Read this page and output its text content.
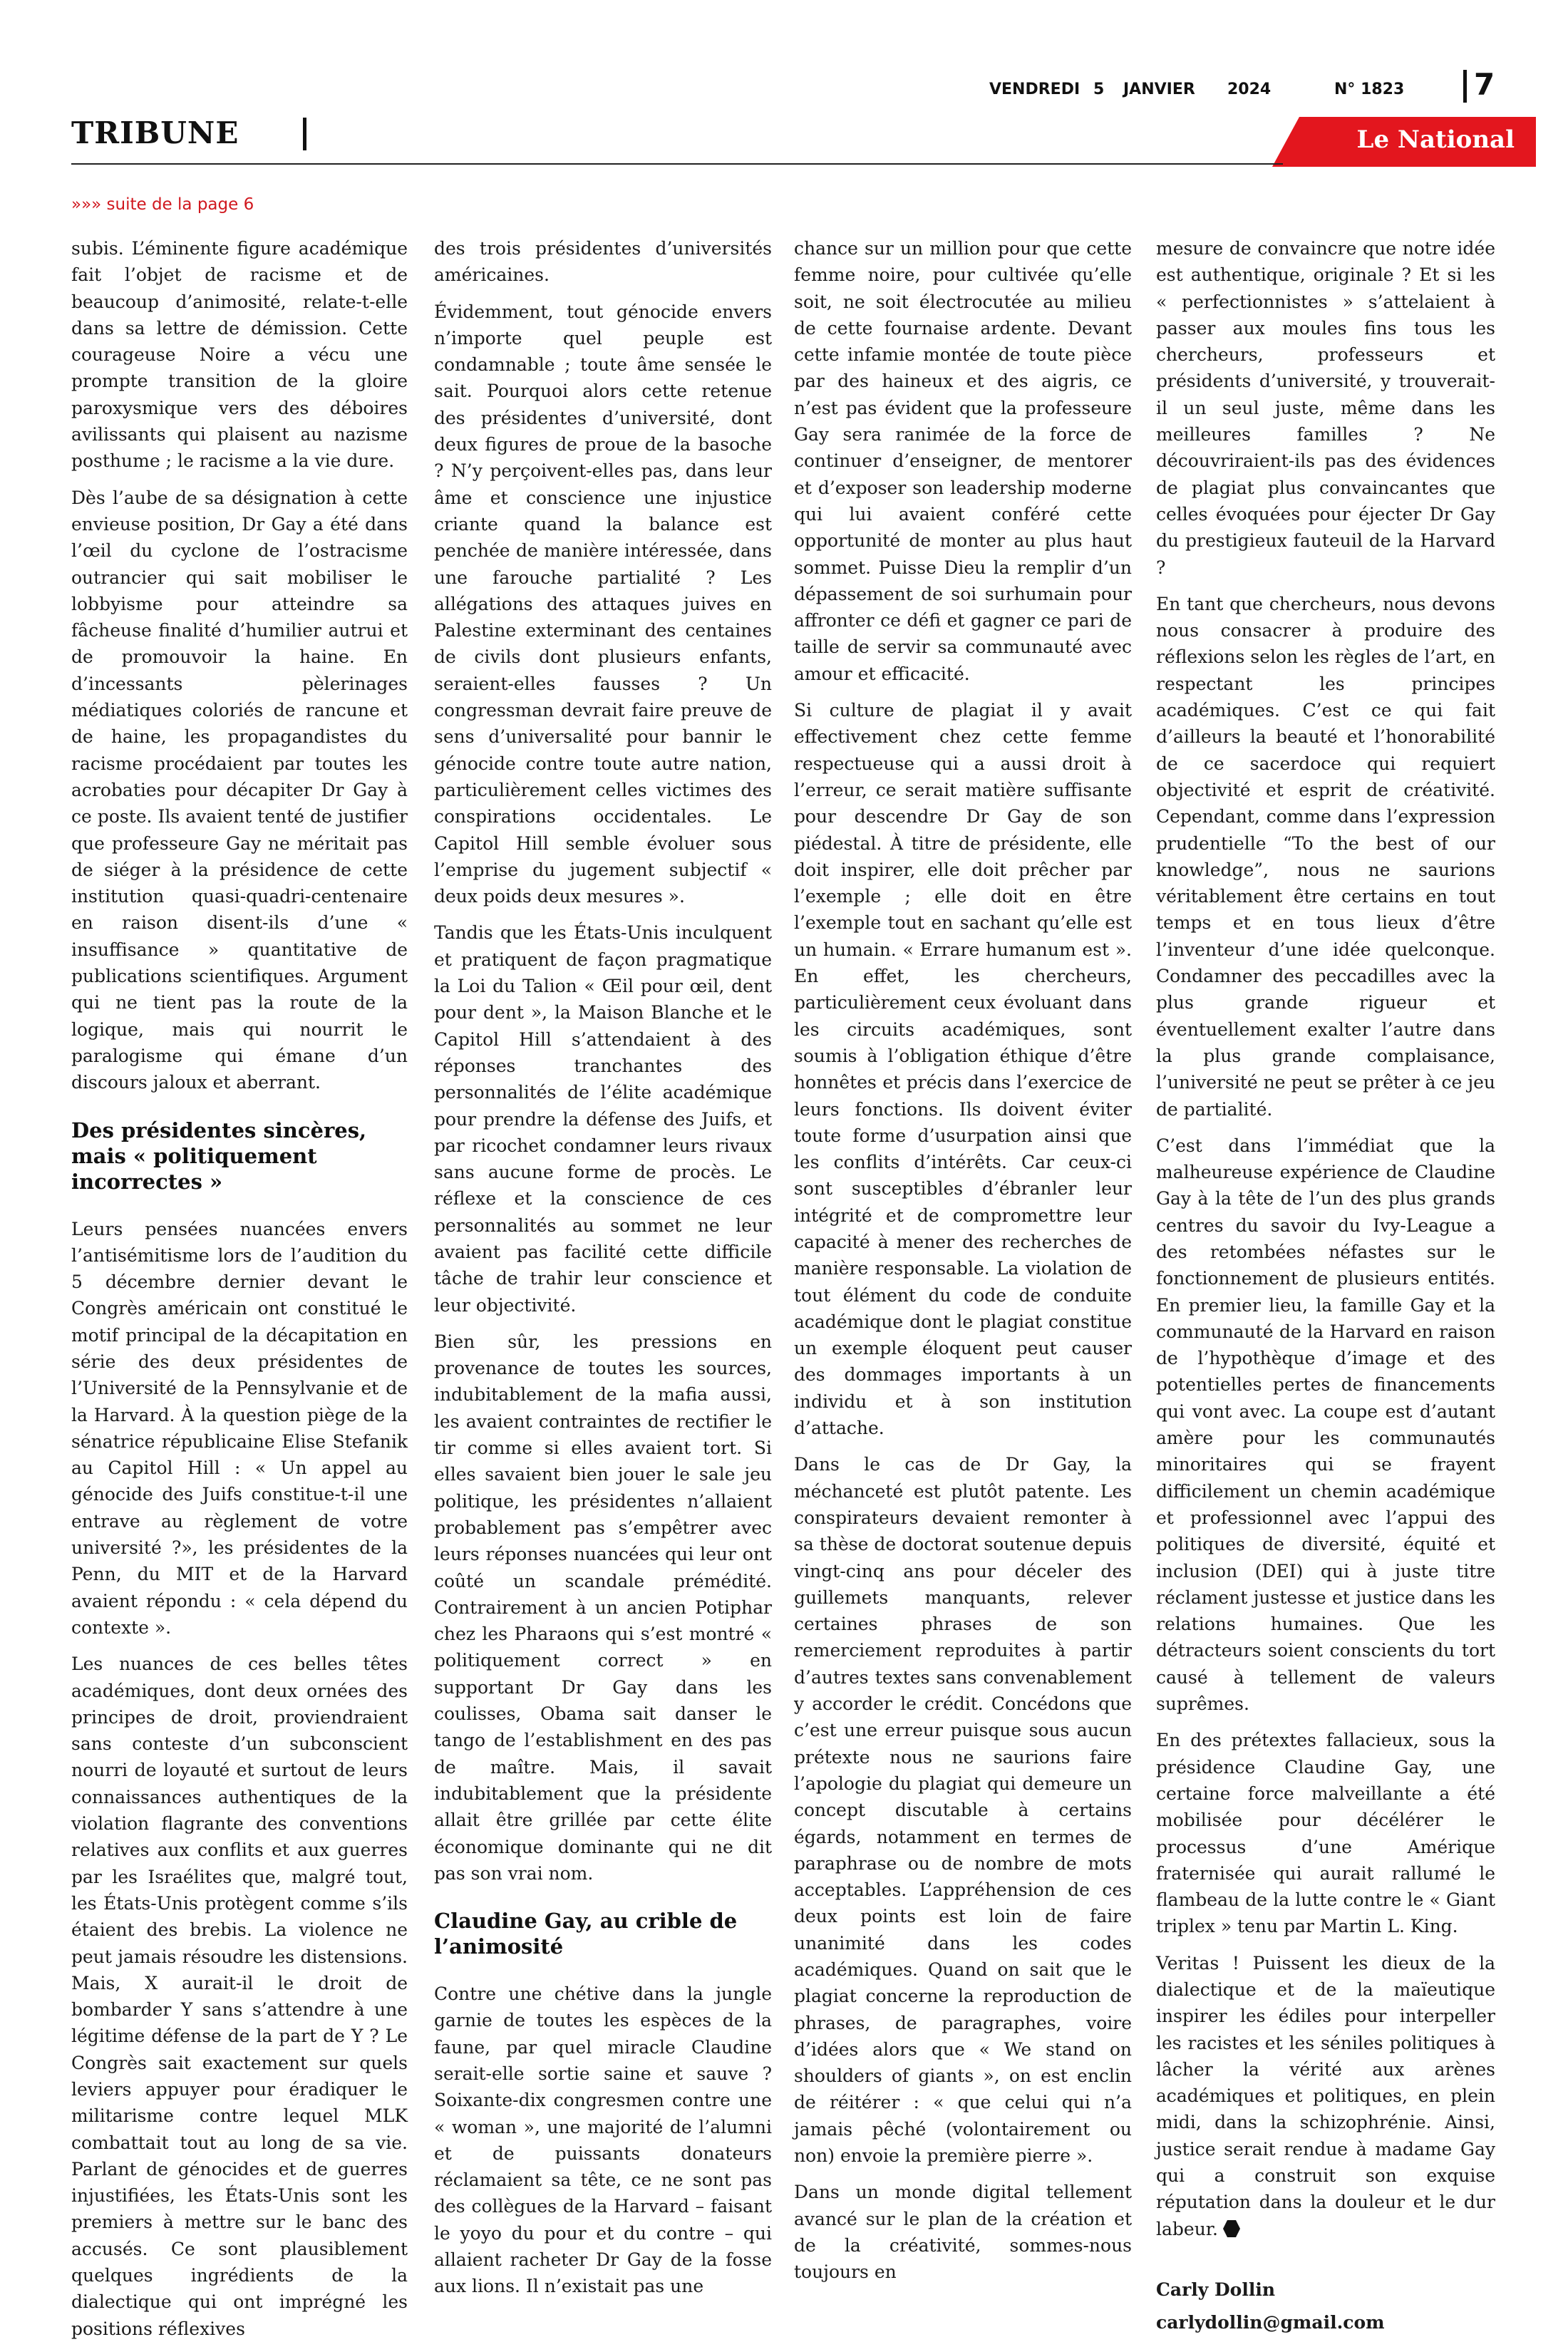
TRIBUNE
VENDREDI 5 JANVIER 2024	N° 1823 7
Le National
»»» suite de la page 6

subis. L’éminente figure académique fait l’objet de racisme et de beaucoup d’animosité, relate-t-elle dans sa lettre de démission. Cette courageuse Noire a vécu une prompte transition de la gloire paroxysmique vers des déboires avilissants qui plaisent au nazisme posthume ; le racisme a la vie dure.

Dès l’aube de sa désignation à cette envieuse position, Dr Gay a été dans l’œil du cyclone de l’ostracisme outrancier qui sait mobiliser le lobbyisme pour atteindre sa fâcheuse finalité d’humilier autrui et de promouvoir la haine. En d’incessants pèlerinages médiatiques coloriés de rancune et de haine, les propagandistes du racisme procédaient par toutes les acrobaties pour décapiter Dr Gay à ce poste. Ils avaient tenté de justifier que professeure Gay ne méritait pas de siéger à la présidence de cette institution quasi-quadri-centenaire en raison disent-ils d’une « insuffisance » quantitative de publications scientifiques. Argument qui ne tient pas la route de la logique, mais qui nourrit le paralogisme qui émane d’un discours jaloux et aberrant.

Des présidentes sincères, mais « politiquement incorrectes »

Leurs pensées nuancées envers l’antisémitisme lors de l’audition du 5 décembre dernier devant le Congrès américain ont constitué le motif principal de la décapitation en série des deux présidentes de l’Université de la Pennsylvanie et de la Harvard. À la question piège de la sénatrice républicaine Elise Stefanik au Capitol Hill : « Un appel au génocide des Juifs constitue-t-il une entrave au règlement de votre université ?», les présidentes de la Penn, du MIT et de la Harvard avaient répondu : « cela dépend du contexte ».

Les nuances de ces belles têtes académiques, dont deux ornées des principes de droit, proviendraient sans conteste d’un subconscient nourri de loyauté et surtout de leurs connaissances authentiques de la violation flagrante des conventions relatives aux conflits et aux guerres par les Israélites que, malgré tout, les États-Unis protègent comme s’ils étaient des brebis. La violence ne peut jamais résoudre les distensions. Mais, X aurait-il le droit de bombarder Y sans s’attendre à une légitime défense de la part de Y ? Le Congrès sait exactement sur quels leviers appuyer pour éradiquer le militarisme contre lequel MLK combattait tout au long de sa vie. Parlant de génocides et de guerres injustifiées, les États-Unis sont les premiers à mettre sur le banc des accusés. Ce sont plausiblement quelques ingrédients de la dialectique qui ont imprégné les positions réflexives

des trois présidentes d’universités américaines.

Évidemment, tout génocide envers n’importe quel peuple est condamnable ; toute âme sensée le sait. Pourquoi alors cette retenue des présidentes d’université, dont deux figures de proue de la basoche ? N’y perçoivent-elles pas, dans leur âme et conscience une injustice criante quand la balance est penchée de manière intéressée, dans une farouche partialité ? Les allégations des attaques juives en Palestine exterminant des centaines de civils dont plusieurs enfants, seraient-elles fausses ? Un congressman devrait faire preuve de sens d’universalité pour bannir le génocide contre toute autre nation, particulièrement celles victimes des conspirations occidentales. Le Capitol Hill semble évoluer sous l’emprise du jugement subjectif « deux poids deux mesures ».

Tandis que les États-Unis inculquent et pratiquent de façon pragmatique la Loi du Talion « Œil pour œil, dent pour dent », la Maison Blanche et le Capitol Hill s’attendaient à des réponses tranchantes des personnalités de l’élite académique pour prendre la défense des Juifs, et par ricochet condamner leurs rivaux sans aucune forme de procès. Le réflexe et la conscience de ces personnalités au sommet ne leur avaient pas facilité cette difficile tâche de trahir leur conscience et leur objectivité.

Bien sûr, les pressions en provenance de toutes les sources, indubitablement de la mafia aussi, les avaient contraintes de rectifier le tir comme si elles avaient tort. Si elles savaient bien jouer le sale jeu politique, les présidentes n’allaient probablement pas s’empêtrer avec leurs réponses nuancées qui leur ont coûté un scandale prémédité. Contrairement à un ancien Potiphar chez les Pharaons qui s’est montré « politiquement correct » en supportant Dr Gay dans les coulisses, Obama sait danser le tango de l’establishment en des pas de maître. Mais, il savait indubitablement que la présidente allait être grillée par cette élite économique dominante qui ne dit pas son vrai nom.

Claudine Gay, au crible de l’animosité

Contre une chétive dans la jungle garnie de toutes les espèces de la faune, par quel miracle Claudine serait-elle sortie saine et sauve ? Soixante-dix congresmen contre une « woman », une majorité de l’alumni et de puissants donateurs réclamaient sa tête, ce ne sont pas des collègues de la Harvard – faisant le yoyo du pour et du contre – qui allaient racheter Dr Gay de la fosse aux lions. Il n’existait pas une

chance sur un million pour que cette femme noire, pour cultivée qu’elle soit, ne soit électrocutée au milieu de cette fournaise ardente. Devant cette infamie montée de toute pièce par des haineux et des aigris, ce n’est pas évident que la professeure Gay sera ranimée de la force de continuer d’enseigner, de mentorer et d’exposer son leadership moderne qui lui avaient conféré cette opportunité de monter au plus haut sommet. Puisse Dieu la remplir d’un dépassement de soi surhumain pour affronter ce défi et gagner ce pari de taille de servir sa communauté avec amour et efficacité.

Si culture de plagiat il y avait effectivement chez cette femme respectueuse qui a aussi droit à l’erreur, ce serait matière suffisante pour descendre Dr Gay de son piédestal. À titre de présidente, elle doit inspirer, elle doit prêcher par l’exemple ; elle doit en être l’exemple tout en sachant qu’elle est un humain. « Errare humanum est ». En effet, les chercheurs, particulièrement ceux évoluant dans les circuits académiques, sont soumis à l’obligation éthique d’être honnêtes et précis dans l’exercice de leurs fonctions. Ils doivent éviter toute forme d’usurpation ainsi que les conflits d’intérêts. Car ceux-ci sont susceptibles d’ébranler leur intégrité et de compromettre leur capacité à mener des recherches de manière responsable. La violation de tout élément du code de conduite académique dont le plagiat constitue un exemple éloquent peut causer des dommages importants à un individu et à son institution d’attache.

Dans le cas de Dr Gay, la méchanceté est plutôt patente. Les conspirateurs devaient remonter à sa thèse de doctorat soutenue depuis vingt-cinq ans pour déceler des guillemets manquants, relever certaines phrases de son remerciement reproduites à partir d’autres textes sans convenablement y accorder le crédit. Concédons que c’est une erreur puisque sous aucun prétexte nous ne saurions faire l’apologie du plagiat qui demeure un concept discutable à certains égards, notamment en termes de paraphrase ou de nombre de mots acceptables. L’appréhension de ces deux points est loin de faire unanimité dans les codes académiques. Quand on sait que le plagiat concerne la reproduction de phrases, de paragraphes, voire d’idées alors que « We stand on shoulders of giants », on est enclin de réitérer : « que celui qui n’a jamais pêché (volontairement ou non) envoie la première pierre ».

Dans un monde digital tellement avancé sur le plan de la création et de la créativité, sommes-nous toujours en

mesure de convaincre que notre idée est authentique, originale ? Et si les « perfectionnistes » s’attelaient à passer aux moules fins tous les chercheurs, professeurs et présidents d’université, y trouverait-il un seul juste, même dans les meilleures familles ? Ne découvriraient-ils pas des évidences de plagiat plus convaincantes que celles évoquées pour éjecter Dr Gay du prestigieux fauteuil de la Harvard ?

En tant que chercheurs, nous devons nous consacrer à produire des réflexions selon les règles de l’art, en respectant les principes académiques. C’est ce qui fait d’ailleurs la beauté et l’honorabilité de ce sacerdoce qui requiert objectivité et esprit de créativité. Cependant, comme dans l’expression prudentielle “To the best of our knowledge”, nous ne saurions véritablement être certains en tout temps et en tous lieux d’être l’inventeur d’une idée quelconque. Condamner des peccadilles avec la plus grande rigueur et éventuellement exalter l’autre dans la plus grande complaisance, l’université ne peut se prêter à ce jeu de partialité.

C’est dans l’immédiat que la malheureuse expérience de Claudine Gay à la tête de l’un des plus grands centres du savoir du Ivy-League a des retombées néfastes sur le fonctionnement de plusieurs entités. En premier lieu, la famille Gay et la communauté de la Harvard en raison de l’hypothèque d’image et des potentielles pertes de financements qui vont avec. La coupe est d’autant amère pour les communautés minoritaires qui se frayent difficilement un chemin académique et professionnel avec l’appui des politiques de diversité, équité et inclusion (DEI) qui à juste titre réclament justesse et justice dans les relations humaines. Que les détracteurs soient conscients du tort causé à tellement de valeurs suprêmes.

En des prétextes fallacieux, sous la présidence Claudine Gay, une certaine force malveillante a été mobilisée pour décélérer le processus d’une Amérique fraternisée qui aurait rallumé le flambeau de la lutte contre le « Giant triplex » tenu par Martin L. King.

Veritas ! Puissent les dieux de la dialectique et de la maïeutique inspirer les édiles pour interpeller les racistes et les séniles politiques à lâcher la vérité aux arènes académiques et politiques, en plein midi, dans la schizophrénie. Ainsi, justice serait rendue à madame Gay qui a construit son exquise réputation dans la douleur et le dur labeur.

Carly Dollin
carlydollin@gmail.com
